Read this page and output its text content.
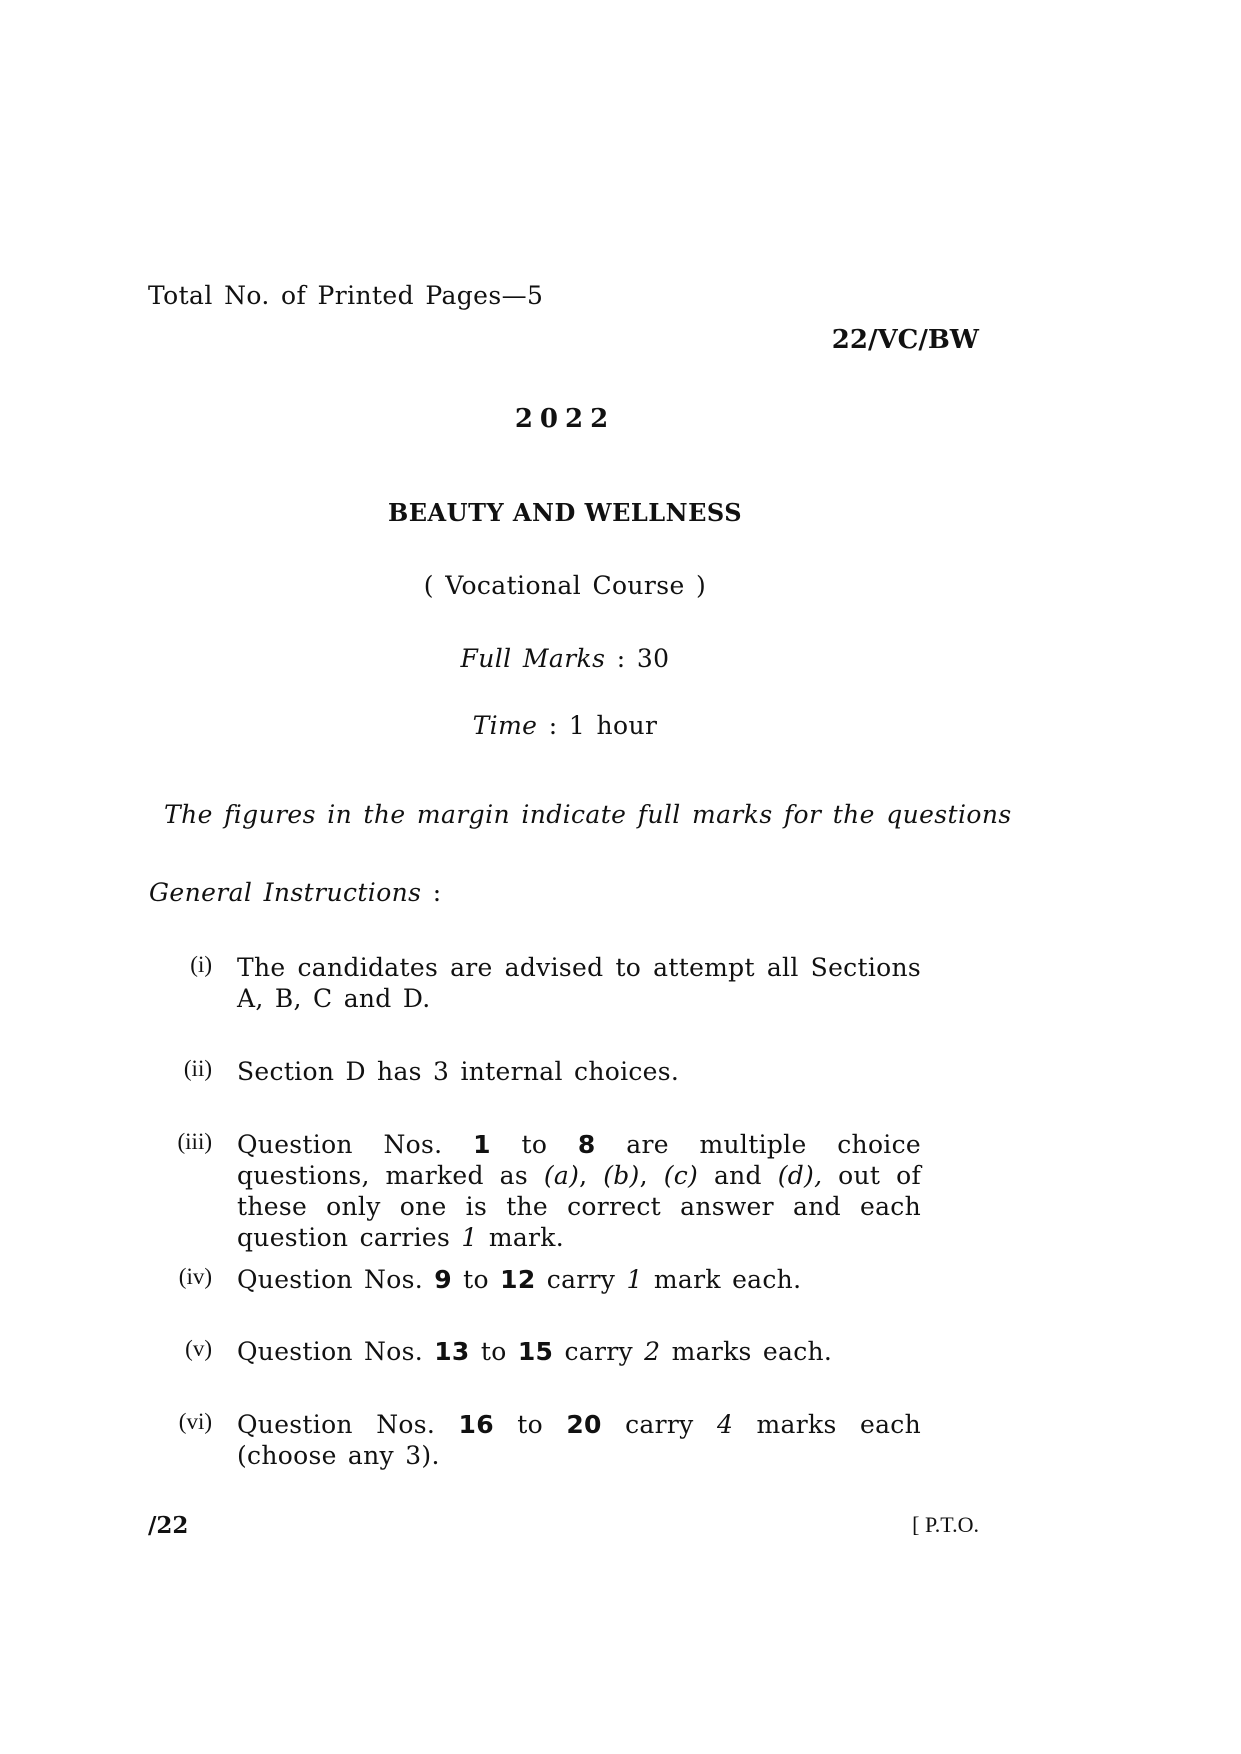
Total No. of Printed Pages—5
22/VC/BW
2022
BEAUTY AND WELLNESS
( Vocational Course )
Full Marks : 30
Time : 1 hour
The figures in the margin indicate full marks for the questions
General Instructions :
(i) The candidates are advised to attempt all Sections A, B, C and D.
(ii) Section D has 3 internal choices.
(iii) Question Nos. 1 to 8 are multiple choice questions, marked as (a), (b), (c) and (d), out of these only one is the correct answer and each question carries 1 mark.
(iv) Question Nos. 9 to 12 carry 1 mark each.
(v) Question Nos. 13 to 15 carry 2 marks each.
(vi) Question Nos. 16 to 20 carry 4 marks each (choose any 3).
/22	[ P.T.O.
